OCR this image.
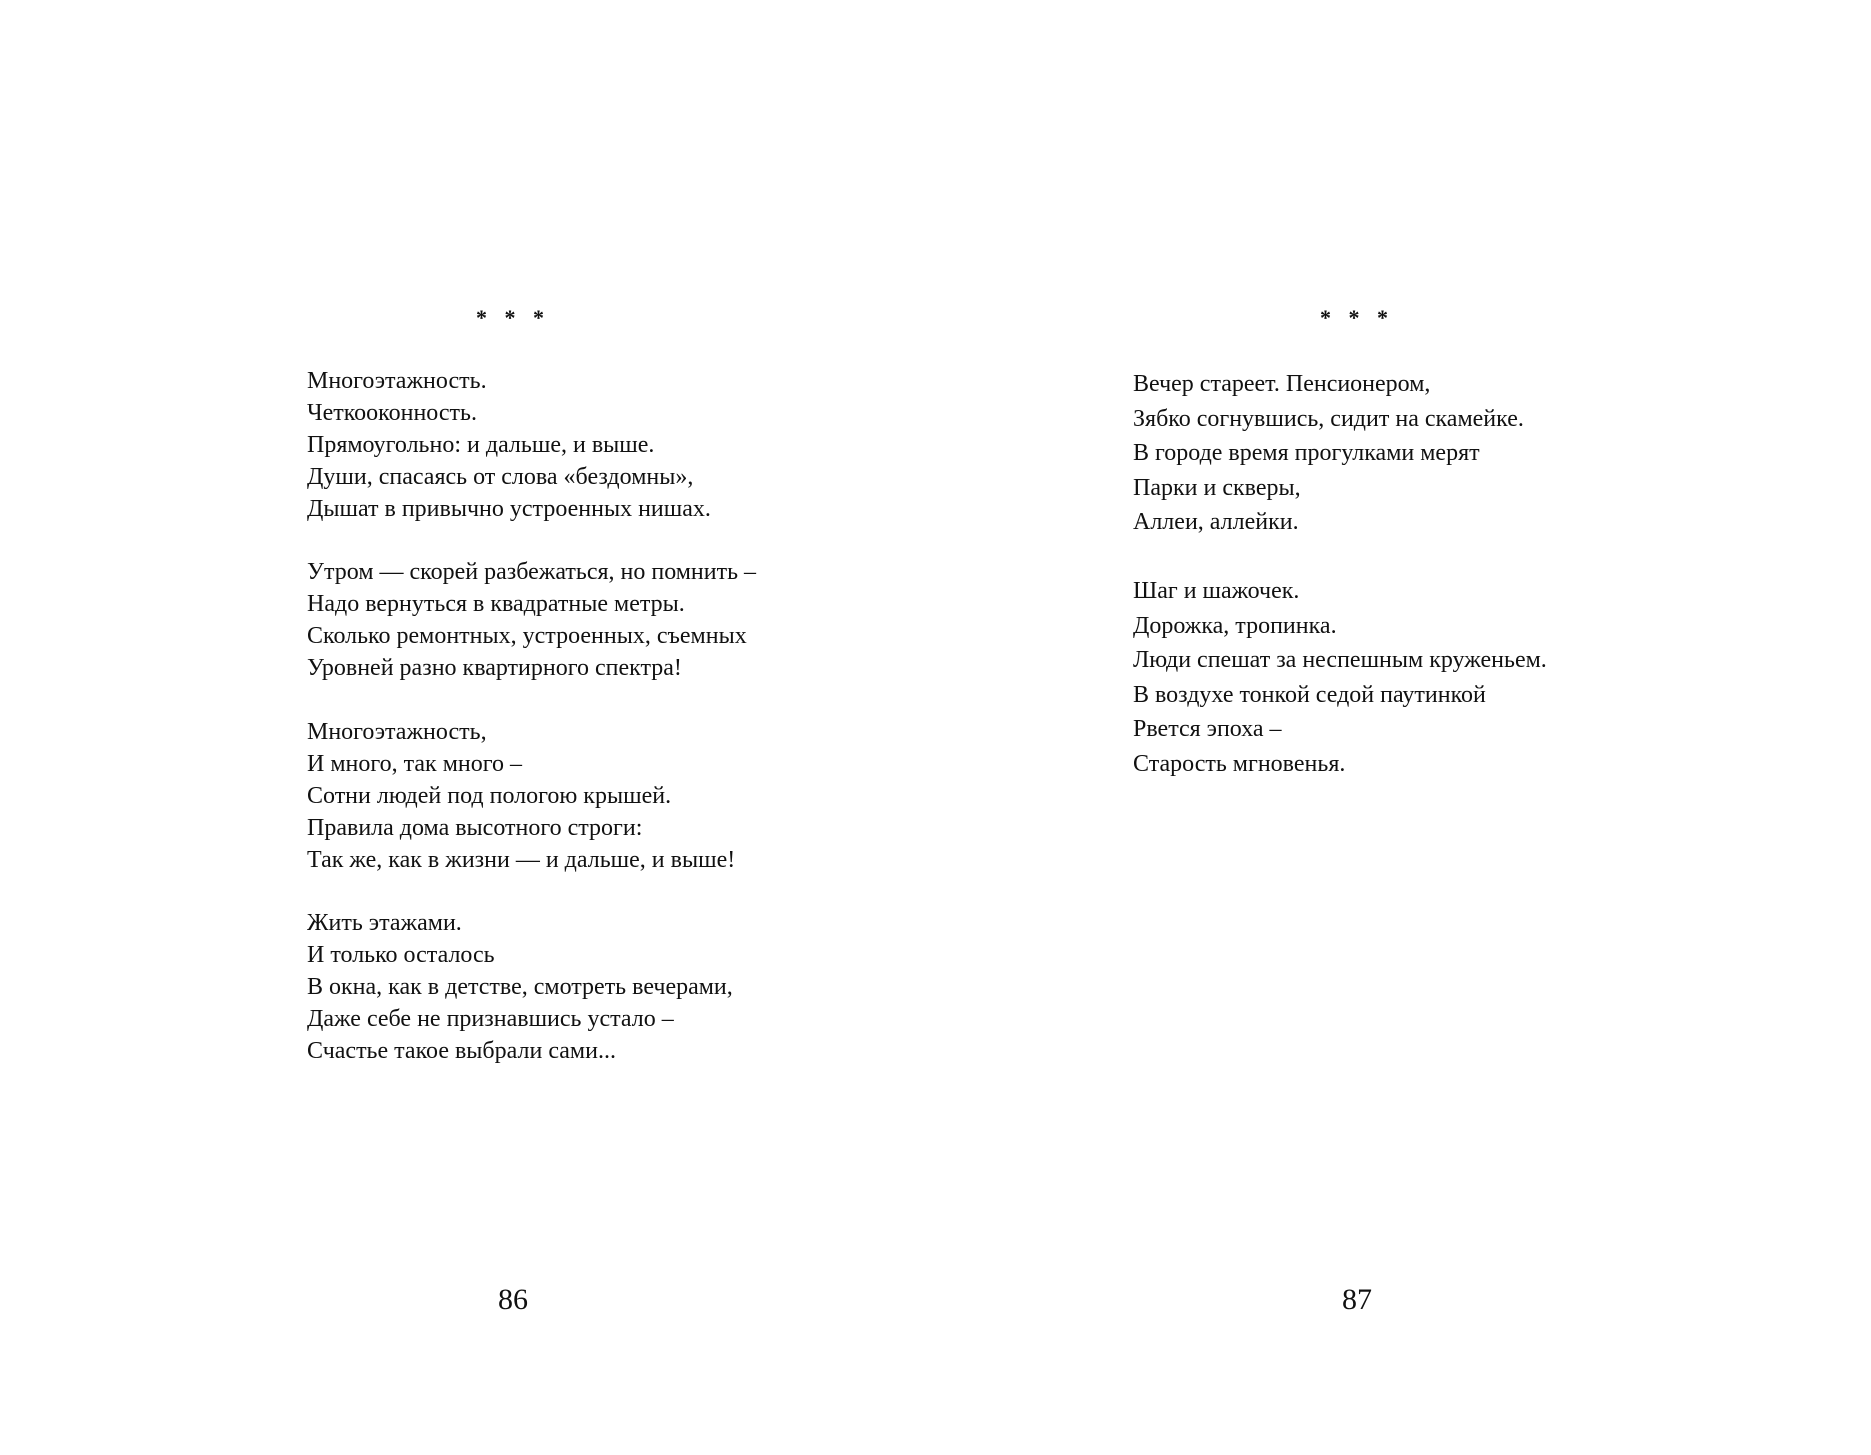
* * *

Многоэтажность.
Четкооконность.
Прямоугольно: и дальше, и выше.
Души, спасаясь от слова «бездомны»,
Дышат в привычно устроенных нишах.

Утром — скорей разбежаться, но помнить –
Надо вернуться в квадратные метры.
Сколько ремонтных, устроенных, съемных
Уровней разно квартирного спектра!

Многоэтажность,
И много, так много –
Сотни людей под пологою крышей.
Правила дома высотного строги:
Так же, как в жизни — и дальше, и выше!

Жить этажами.
И только осталось
В окна, как в детстве, смотреть вечерами,
Даже себе не признавшись устало –
Счастье такое выбрали сами...

86
* * *

Вечер стареет. Пенсионером,
Зябко согнувшись, сидит на скамейке.
В городе время прогулками мерят
Парки и скверы,
Аллеи, аллейки.

Шаг и шажочек.
Дорожка, тропинка.
Люди спешат за неспешным круженьем.
В воздухе тонкой седой паутинкой
Рвется эпоха –
Старость мгновенья.

87
